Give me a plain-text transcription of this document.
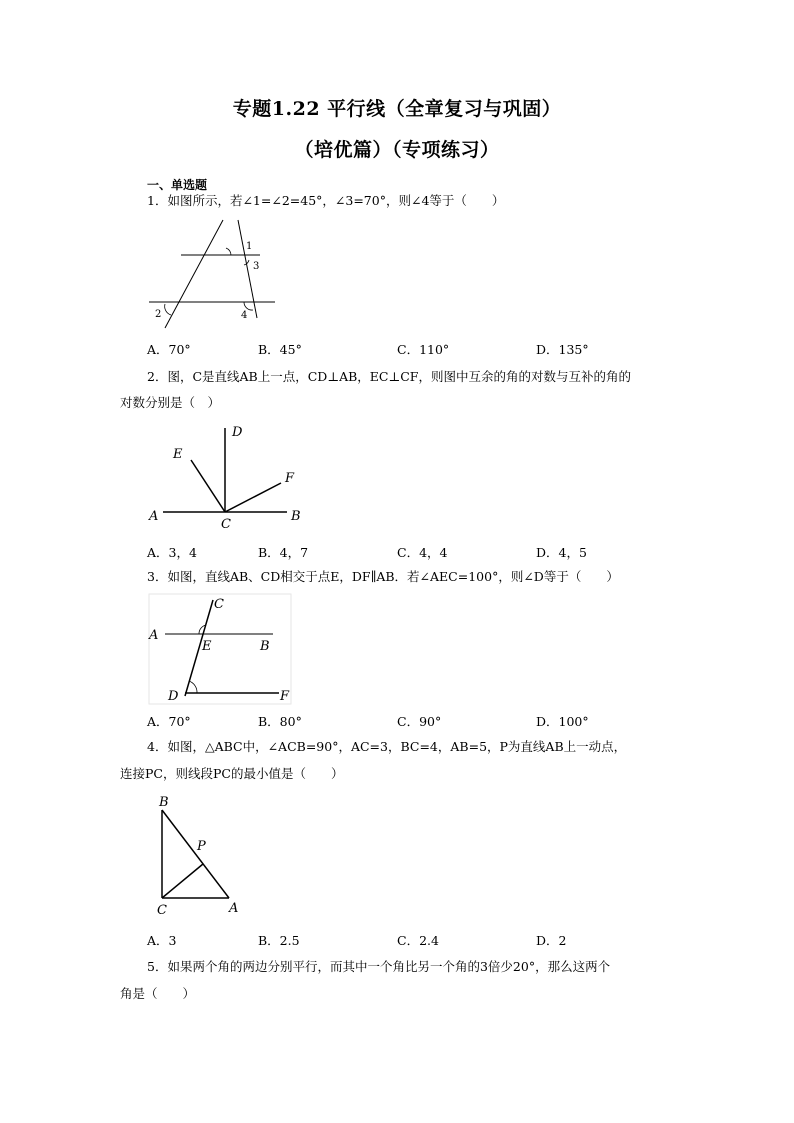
专题1.22 平行线（全章复习与巩固）
（培优篇）（专项练习）
一、单选题
1．如图所示，若∠1=∠2=45°，∠3=70°，则∠4等于（　　）
1
3
2	4
A．70°	B．45°	C．110°	D．135°
2．图，C是直线AB上一点，CD⊥AB，EC⊥CF，则图中互余的角的对数与互补的角的
对数分别是（　）
D
E
F
A
C
B
A．3，4	B．4，7	C．4，4	D．4，5
3．如图，直线AB、CD相交于点E，DF∥AB．若∠AEC=100°，则∠D等于（　　）
C
A
E	B
D	F
A．70°	B．80°	C．90°	D．100°
4．如图，△ABC中，∠ACB=90°，AC=3，BC=4，AB=5，P为直线AB上一动点，
连接PC，则线段PC的最小值是（　　）
B
P
C	A
A．3	B．2.5	C．2.4	D．2
5．如果两个角的两边分别平行，而其中一个角比另一个角的3倍少20°，那么这两个
角是（　　）
